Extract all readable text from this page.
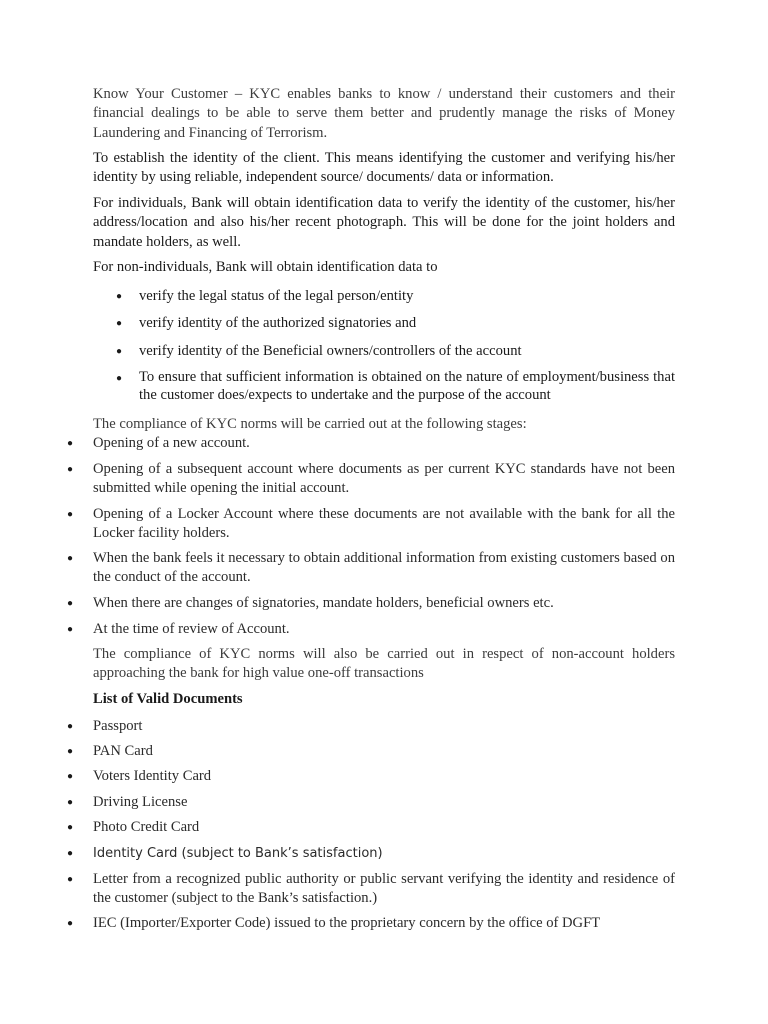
Know Your Customer – KYC enables banks to know / understand their customers and their financial dealings to be able to serve them better and prudently manage the risks of Money Laundering and Financing of Terrorism.

To establish the identity of the client. This means identifying the customer and verifying his/her identity by using reliable, independent source/ documents/ data or information.

For individuals, Bank will obtain identification data to verify the identity of the customer, his/her address/location and also his/her recent photograph. This will be done for the joint holders and mandate holders, as well.

For non-individuals, Bank will obtain identification data to

● verify the legal status of the legal person/entity
● verify identity of the authorized signatories and
● verify identity of the Beneficial owners/controllers of the account
● To ensure that sufficient information is obtained on the nature of employment/business that the customer does/expects to undertake and the purpose of the account

The compliance of KYC norms will be carried out at the following stages:

● Opening of a new account.
● Opening of a subsequent account where documents as per current KYC standards have not been submitted while opening the initial account.
● Opening of a Locker Account where these documents are not available with the bank for all the Locker facility holders.
● When the bank feels it necessary to obtain additional information from existing customers based on the conduct of the account.
● When there are changes of signatories, mandate holders, beneficial owners etc.
● At the time of review of Account.

The compliance of KYC norms will also be carried out in respect of non-account holders approaching the bank for high value one-off transactions

List of Valid Documents

● Passport
● PAN Card
● Voters Identity Card
● Driving License
● Photo Credit Card
● Identity Card (subject to Bank’s satisfaction)
● Letter from a recognized public authority or public servant verifying the identity and residence of the customer (subject to the Bank’s satisfaction.)
● IEC (Importer/Exporter Code) issued to the proprietary concern by the office of DGFT
